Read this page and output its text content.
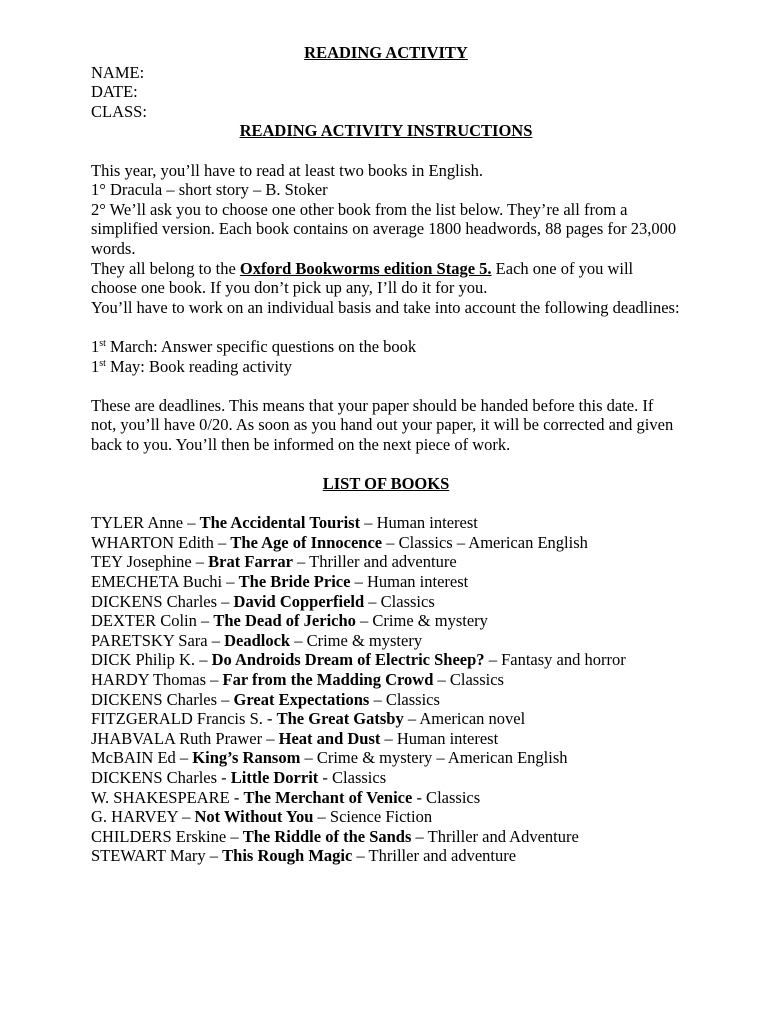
READING ACTIVITY

NAME:

DATE:

CLASS:

READING ACTIVITY INSTRUCTIONS

This year, you’ll have to read at least two books in English.

1° Dracula – short story – B. Stoker

2° We’ll ask you to choose one other book from the list below. They’re all from a simplified version. Each book contains on average 1800 headwords, 88 pages for 23,000 words.

They all belong to the Oxford Bookworms edition Stage 5. Each one of you will choose one book. If you don’t pick up any, I’ll do it for you.

You’ll have to work on an individual basis and take into account the following deadlines:

1st March: Answer specific questions on the book

1st May: Book reading activity

These are deadlines. This means that your paper should be handed before this date. If not, you’ll have 0/20. As soon as you hand out your paper, it will be corrected and given back to you. You’ll then be informed on the next piece of work.

LIST OF BOOKS

TYLER Anne – The Accidental Tourist – Human interest

WHARTON Edith – The Age of Innocence – Classics – American English

TEY Josephine – Brat Farrar – Thriller and adventure

EMECHETA Buchi – The Bride Price – Human interest

DICKENS Charles – David Copperfield – Classics

DEXTER Colin – The Dead of Jericho – Crime & mystery

PARETSKY Sara – Deadlock – Crime & mystery

DICK Philip K. – Do Androids Dream of Electric Sheep? – Fantasy and horror

HARDY Thomas – Far from the Madding Crowd – Classics

DICKENS Charles – Great Expectations – Classics

FITZGERALD Francis S. - The Great Gatsby – American novel

JHABVALA Ruth Prawer – Heat and Dust – Human interest

McBAIN Ed – King’s Ransom – Crime & mystery – American English

DICKENS Charles - Little Dorrit - Classics

W. SHAKESPEARE - The Merchant of Venice - Classics

G. HARVEY – Not Without You – Science Fiction

CHILDERS Erskine – The Riddle of the Sands – Thriller and Adventure

STEWART Mary – This Rough Magic – Thriller and adventure
